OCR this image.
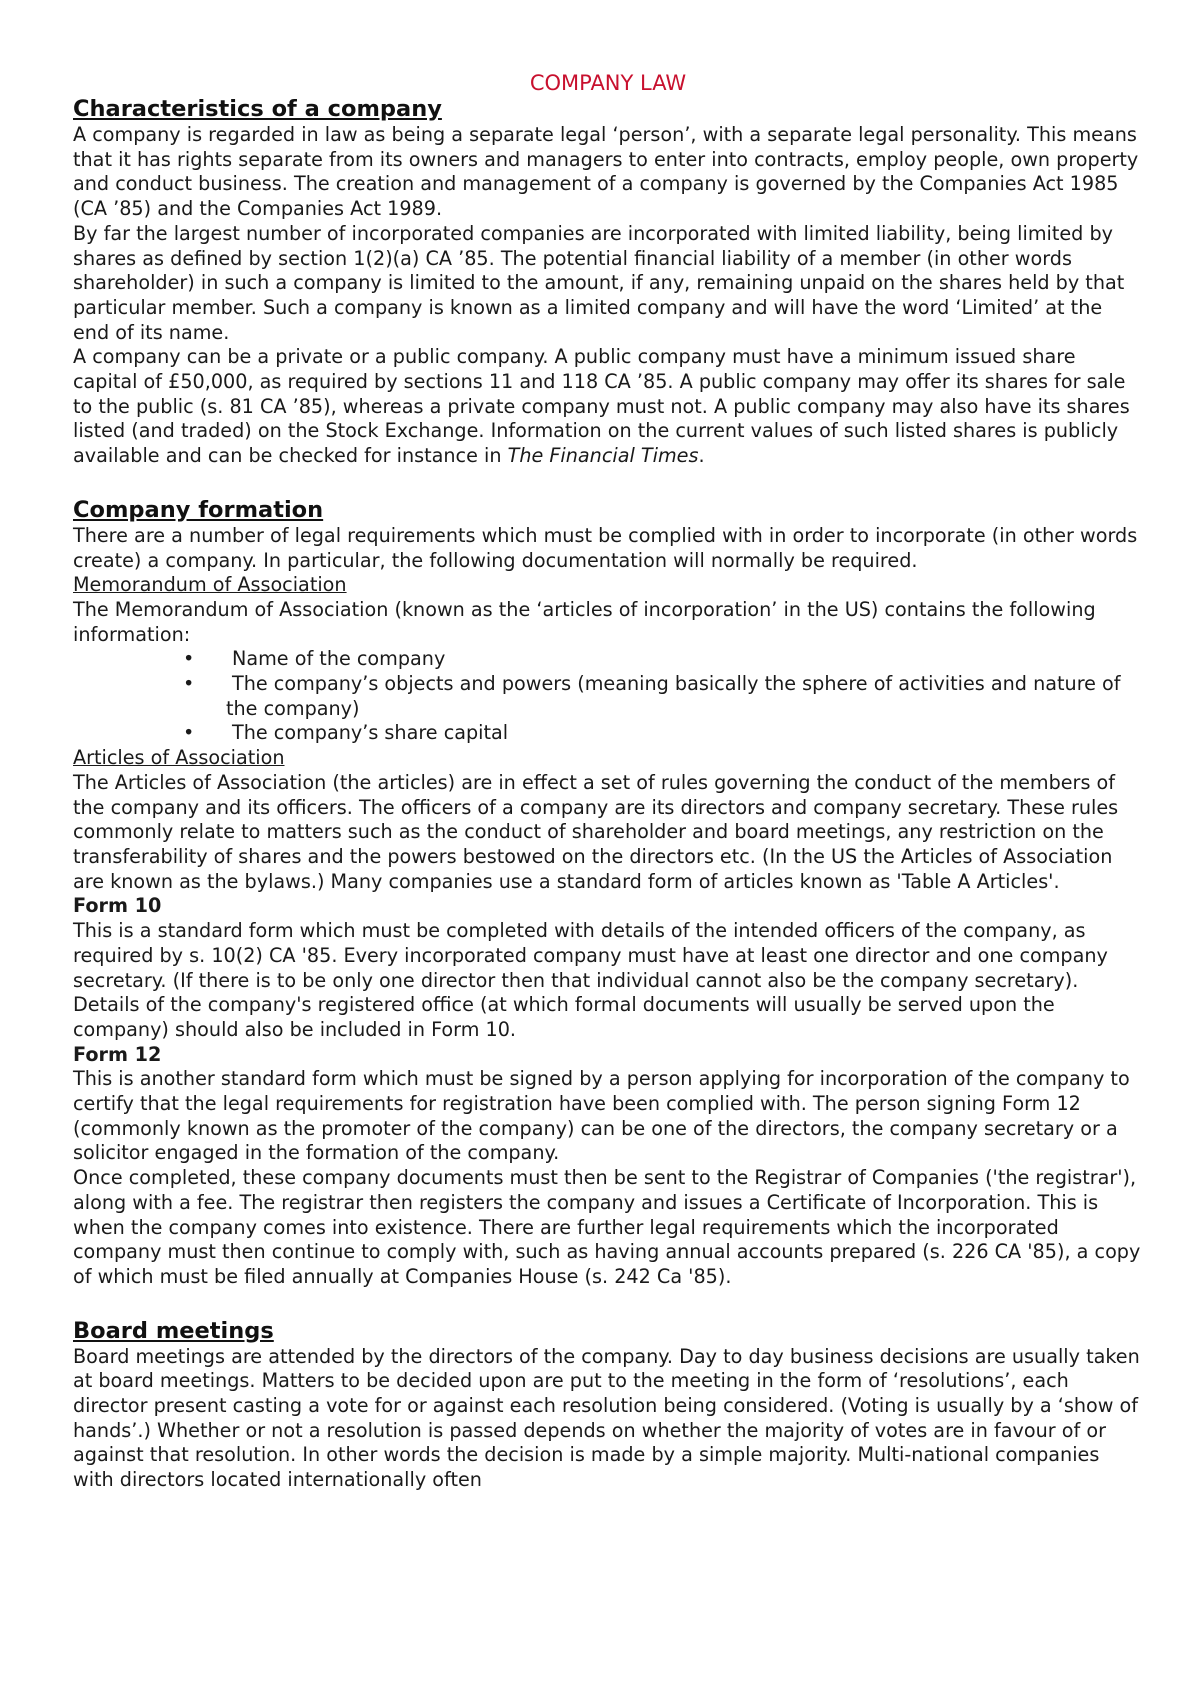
COMPANY LAW
Characteristics of a company

A company is regarded in law as being a separate legal ‘person’, with a separate legal personality. This means that it has rights separate from its owners and managers to enter into contracts, employ people, own property and conduct business. The creation and management of a company is governed by the Companies Act 1985 (CA ’85) and the Companies Act 1989.

By far the largest number of incorporated companies are incorporated with limited liability, being limited by shares as defined by section 1(2)(a) CA ’85. The potential financial liability of a member (in other words shareholder) in such a company is limited to the amount, if any, remaining unpaid on the shares held by that particular member. Such a company is known as a limited company and will have the word ‘Limited’ at the end of its name.

A company can be a private or a public company. A public company must have a minimum issued share capital of £50,000, as required by sections 11 and 118 CA ’85. A public company may offer its shares for sale to the public (s. 81 CA ’85), whereas a private company must not. A public company may also have its shares listed (and traded) on the Stock Exchange. Information on the current values of such listed shares is publicly available and can be checked for instance in The Financial Times.

Company formation

There are a number of legal requirements which must be complied with in order to incorporate (in other words create) a company. In particular, the following documentation will normally be required.

Memorandum of Association

The Memorandum of Association (known as the ‘articles of incorporation’ in the US) contains the following information:

•	Name of the company
•	The company’s objects and powers (meaning basically the sphere of activities and nature of the company)
•	The company’s share capital

Articles of Association

The Articles of Association (the articles) are in effect a set of rules governing the conduct of the members of the company and its officers. The officers of a company are its directors and company secretary. These rules commonly relate to matters such as the conduct of shareholder and board meetings, any restriction on the transferability of shares and the powers bestowed on the directors etc. (In the US the Articles of Association are known as the bylaws.) Many companies use a standard form of articles known as 'Table A Articles'.

Form 10

This is a standard form which must be completed with details of the intended officers of the company, as required by s. 10(2) CA '85. Every incorporated company must have at least one director and one company secretary. (If there is to be only one director then that individual cannot also be the company secretary). Details of the company's registered office (at which formal documents will usually be served upon the company) should also be included in Form 10.

Form 12

This is another standard form which must be signed by a person applying for incorporation of the company to certify that the legal requirements for registration have been complied with. The person signing Form 12 (commonly known as the promoter of the company) can be one of the directors, the company secretary or a solicitor engaged in the formation of the company.

Once completed, these company documents must then be sent to the Registrar of Companies ('the registrar'), along with a fee. The registrar then registers the company and issues a Certificate of Incorporation. This is when the company comes into existence. There are further legal requirements which the incorporated company must then continue to comply with, such as having annual accounts prepared (s. 226 CA '85), a copy of which must be filed annually at Companies House (s. 242 Ca '85).

Board meetings

Board meetings are attended by the directors of the company. Day to day business decisions are usually taken at board meetings. Matters to be decided upon are put to the meeting in the form of ‘resolutions’, each director present casting a vote for or against each resolution being considered. (Voting is usually by a ‘show of hands’.) Whether or not a resolution is passed depends on whether the majority of votes are in favour of or against that resolution. In other words the decision is made by a simple majority. Multi-national companies with directors located internationally often
